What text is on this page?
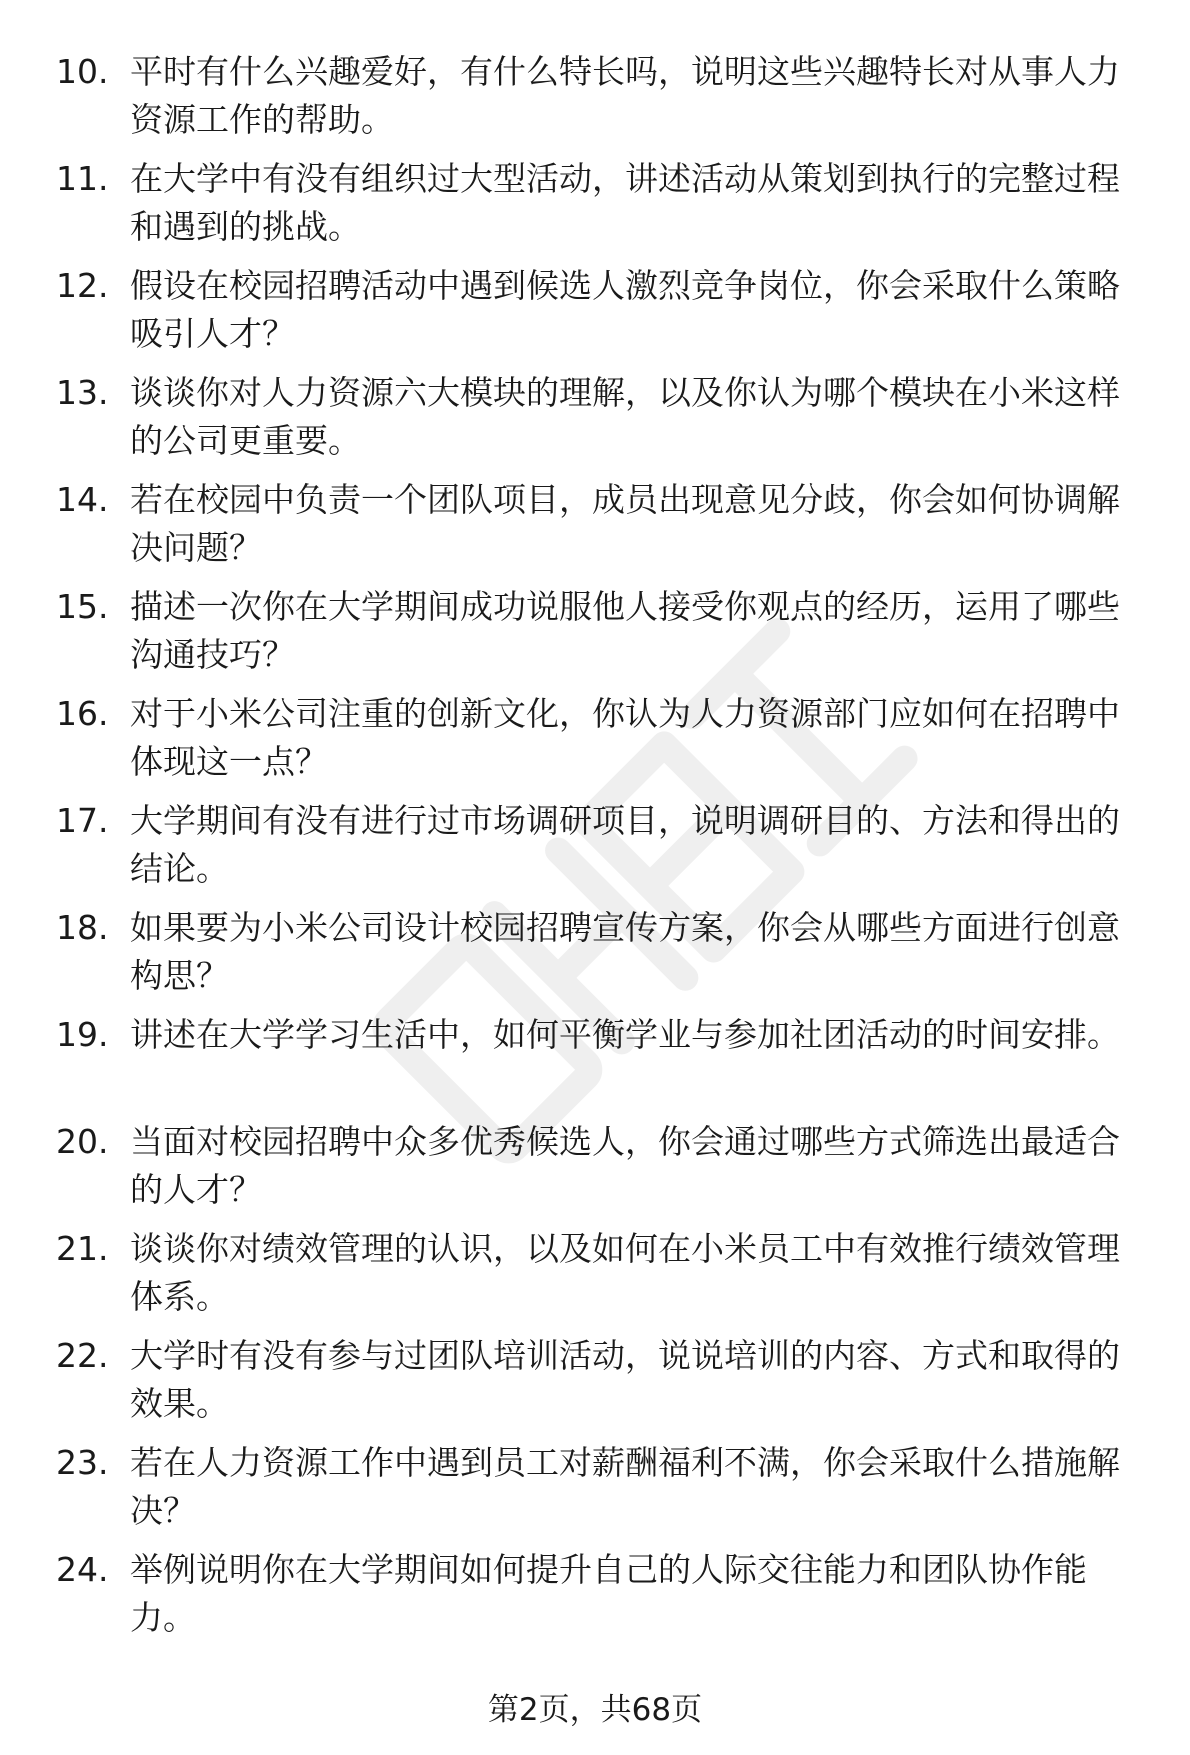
10. 平时有什么兴趣爱好，有什么特长吗，说明这些兴趣特长对从事人力资源工作的帮助。

11. 在大学中有没有组织过大型活动，讲述活动从策划到执行的完整过程和遇到的挑战。

12. 假设在校园招聘活动中遇到候选人激烈竞争岗位，你会采取什么策略吸引人才？

13. 谈谈你对人力资源六大模块的理解，以及你认为哪个模块在小米这样的公司更重要。

14. 若在校园中负责一个团队项目，成员出现意见分歧，你会如何协调解决问题？

15. 描述一次你在大学期间成功说服他人接受你观点的经历，运用了哪些沟通技巧？

16. 对于小米公司注重的创新文化，你认为人力资源部门应如何在招聘中体现这一点？

17. 大学期间有没有进行过市场调研项目，说明调研目的、方法和得出的结论。

18. 如果要为小米公司设计校园招聘宣传方案，你会从哪些方面进行创意构思？

19. 讲述在大学学习生活中，如何平衡学业与参加社团活动的时间安排。

20. 当面对校园招聘中众多优秀候选人，你会通过哪些方式筛选出最适合的人才？

21. 谈谈你对绩效管理的认识，以及如何在小米员工中有效推行绩效管理体系。

22. 大学时有没有参与过团队培训活动，说说培训的内容、方式和取得的效果。

23. 若在人力资源工作中遇到员工对薪酬福利不满，你会采取什么措施解决？

24. 举例说明你在大学期间如何提升自己的人际交往能力和团队协作能力。

第2页，共68页
